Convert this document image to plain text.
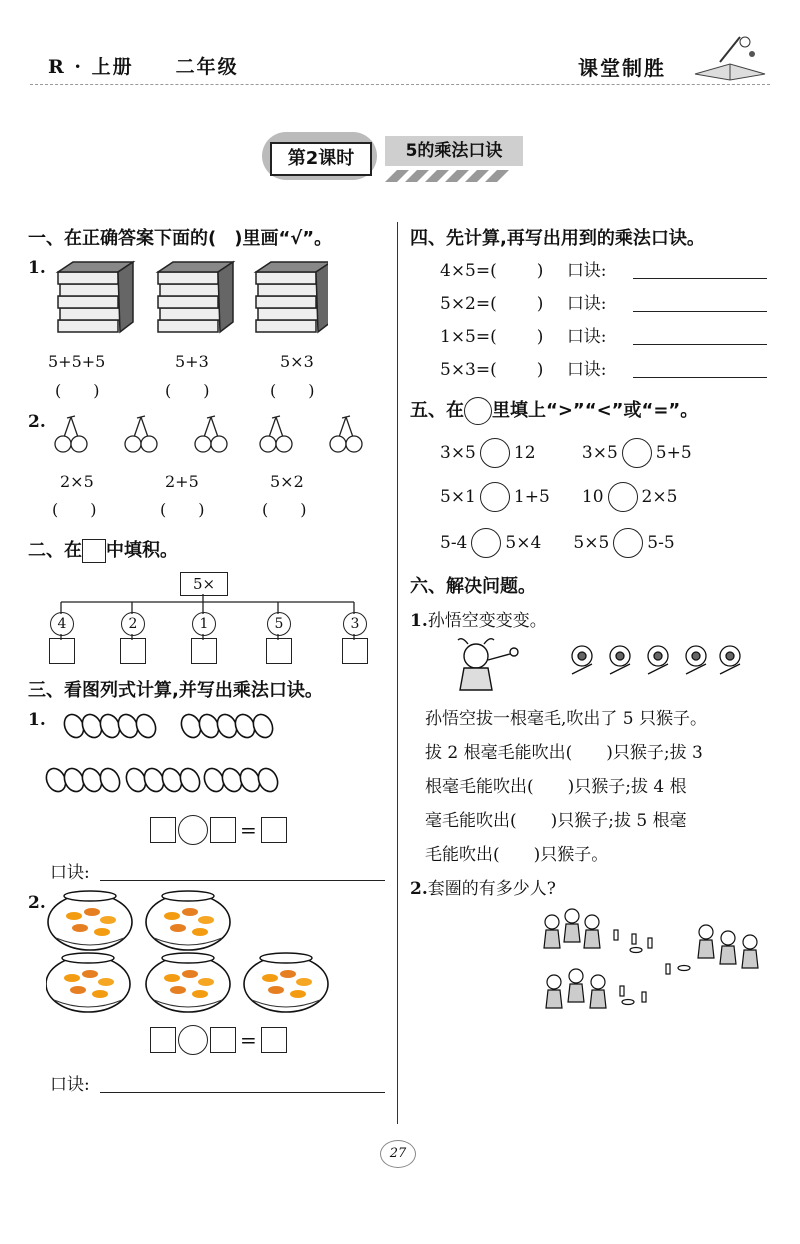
R · 上册　　二年级	课堂制胜
第2课时	5的乘法口诀
一、在正确答案下面的(　)里画“√”。
1.
5+5+5	5+3	5×3
(　　)	(　　)	(　　)
2.
2×5	2+5	5×2
(　　)	(　　)	(　　)
二、在 中填积。
5×
4	2	1	5	3
三、看图列式计算,并写出乘法口诀。
1.
=
口诀:
2.
=
口诀:
四、先计算,再写出用到的乘法口诀。
4×5=( ) 口诀:
5×2=( ) 口诀:
1×5=( ) 口诀:
5×3=( ) 口诀:
五、在 里填上“>”“<”或“=”。
3×5 12	3×5 5+5
5×1 1+5	10 2×5
5-4 5×4	5×5 5-5
六、解决问题。
1.孙悟空变变变。
孙悟空拔一根毫毛,吹出了 5 只猴子。
拔 2 根毫毛能吹出(　　)只猴子;拔 3
根毫毛能吹出(　　)只猴子;拔 4 根
毫毛能吹出(　　)只猴子;拔 5 根毫
毛能吹出(　　)只猴子。
2.套圈的有多少人?
27
